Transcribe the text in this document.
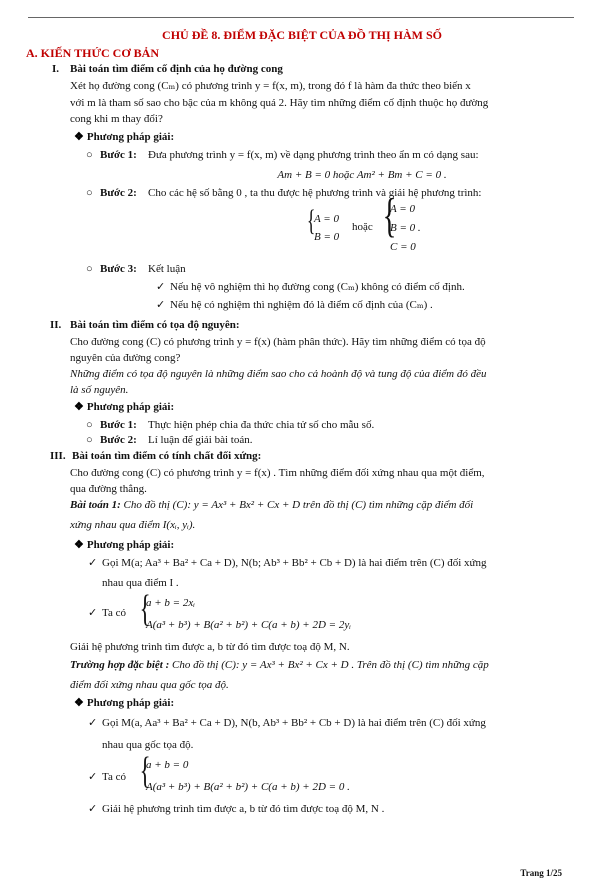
CHỦ ĐỀ 8. ĐIỂM ĐẶC BIỆT CỦA ĐỒ THỊ HÀM SỐ
A. KIẾN THỨC CƠ BẢN
I. Bài toán tìm điểm cố định của họ đường cong
Xét họ đường cong (Cₘ) có phương trình y = f(x, m), trong đó f là hàm đa thức theo biến x
với m là tham số sao cho bậc của m không quá 2. Hãy tìm những điểm cố định thuộc họ đường
cong khi m thay đổi?
❖ Phương pháp giải:
○ Bước 1: Đưa phương trình y = f(x, m) về dạng phương trình theo ẩn m có dạng sau:
Am + B = 0 hoặc Am² + Bm + C = 0 .
○ Bước 2: Cho các hệ số bằng 0 , ta thu được hệ phương trình và giải hệ phương trình:
{
A = 0
B = 0
hoặc {
A = 0
B = 0 .
C = 0
○ Bước 3: Kết luận
✓ Nếu hệ vô nghiệm thì họ đường cong (Cₘ) không có điểm cố định.
✓ Nếu hệ có nghiệm thì nghiệm đó là điểm cố định của (Cₘ) .
II. Bài toán tìm điểm có tọa độ nguyên:
Cho đường cong (C) có phương trình y = f(x) (hàm phân thức). Hãy tìm những điểm có tọa độ
nguyên của đường cong?
Những điểm có tọa độ nguyên là những điểm sao cho cả hoành độ và tung độ của điểm đó đều
là số nguyên.
❖ Phương pháp giải:
○ Bước 1: Thực hiện phép chia đa thức chia tử số cho mẫu số.
○ Bước 2: Lí luận để giải bài toán.
III. Bài toán tìm điểm có tính chất đối xứng:
Cho đường cong (C) có phương trình y = f(x) . Tìm những điểm đối xứng nhau qua một điểm,
qua đường thẳng.
Bài toán 1: Cho đồ thị (C): y = Ax³ + Bx² + Cx + D trên đồ thị (C) tìm những cặp điểm đối
xứng nhau qua điểm I(xᵢ, yᵢ).
❖ Phương pháp giải:
✓ Gọi M(a; Aa³ + Ba² + Ca + D), N(b; Ab³ + Bb² + Cb + D) là hai điểm trên (C) đối xứng
nhau qua điểm I .
✓ Ta có {
a + b = 2xᵢ
A(a³ + b³) + B(a² + b²) + C(a + b) + 2D = 2yᵢ
Giải hệ phương trình tìm được a, b từ đó tìm được toạ độ M, N.
Trường hợp đặc biệt : Cho đồ thị (C): y = Ax³ + Bx² + Cx + D . Trên đồ thị (C) tìm những cặp
điểm đối xứng nhau qua gốc tọa độ.
❖ Phương pháp giải:
✓ Gọi M(a, Aa³ + Ba² + Ca + D), N(b, Ab³ + Bb² + Cb + D) là hai điểm trên (C) đối xứng
nhau qua gốc tọa độ.
✓ Ta có {
a + b = 0
A(a³ + b³) + B(a² + b²) + C(a + b) + 2D = 0 .
✓ Giải hệ phương trình tìm được a, b từ đó tìm được toạ độ M, N .
Trang 1/25
